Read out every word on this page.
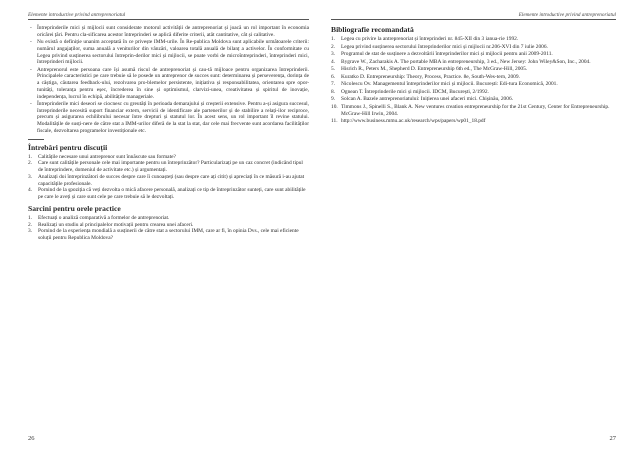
Elemente introductive privind antreprenoriatul
- Întreprinderile mici și mijlocii sunt considerate motorul activității de antreprenoriat și joacă un rol important în economia oricărei țări. Pentru cla-sificarea acestor întreprinderi se aplică diferite criterii, atât cantitative, cât și calitative.
- Nu există o definiție unanim acceptată în ce privește IMM-urile. În Re-publica Moldova sunt aplicabile următoarele criterii: numărul angajaților, suma anuală a veniturilor din vânzări, valoarea totală anuală de bilanț a activelor. În conformitate cu Legea privind susținerea sectorului întreprin-derilor mici și mijlocii, se poate vorbi de microîntreprinderi, întreprinderi mici, întreprinderi mijlocii.
- Antreprenorul este persoana care își asumă riscul de antreprenoriat și cau-tă mijloace pentru organizarea întreprinderii. Principalele caracteristici pe care trebuie să le posede un antreprenor de succes sunt: determinarea și perseverența, dorința de a câștiga, căutarea feedback-ului, rezolvarea pro-blemelor persistente, inițiativa și responsabilitatea, orientarea spre opor-tunități, toleranța pentru eșec, încrederea în sine și optimismul, clarvizi-unea, creativitatea și spiritul de inovație, independența, lucrul în echipă, abilitățile manageriale.
- Întreprinderile mici deseori se ciocnesc cu greutăți în perioada demarajului și creșterii extensive. Pentru a-și asigura succesul, întreprinderile necesită suport financiar extern, servicii de identificare ale partenerilor și de stabilire a relați-ilor reciproce, precum și asigurarea echilibrului necesar între drepturi și statutul lor. În acest sens, un rol important îl revine statului. Modalitățile de susți-nere de către stat a IMM-urilor diferă de la stat la stat, dar cele mai frecvente sunt acordarea facilităților fiscale, dezvoltarea programelor investiționale etc.
Întrebări pentru discuții
1. Calitățile necesare unui antreprenor sunt înnăscute sau formate?
2. Care sunt calitățile personale cele mai importante pentru un întreprinzător? Particularizați pe un caz concret (indicând tipul de întreprindere, domeniul de activitate etc.) și argumentați.
3. Analizați doi întreprinzători de succes despre care îi cunoașteți (sau despre care ați citit) și apreciați în ce măsură i-au ajutat capacitățile profesionale.
4. Pornind de la șpoziția că veți dezvolta o mică afacere personală, analizați ce tip de întreprinzător sunteți, care sunt abilitățile pe care le aveți și care sunt cele pe care trebuie să le dezvoltați.
Sarcini pentru orele practice
1. Efectuați o analiză comparativă a formelor de antreprenoriat.
2. Realizați un studiu al principalelor motivații pentru crearea unei afaceri.
3. Pornind de la experiența mondială a susținerii de către stat a sectorului IMM, care ar fi, în opinia Dvs., cele mai eficiente soluții pentru Republica Moldova?
26
Elemente introductive privind antreprenoriatul
Bibliografie recomandată
1. Legea cu privire la antreprenoriat și întreprinderi nr. 845-XII din 3 ianua-rie 1992.
2. Legea privind susținerea sectorului întreprinderilor mici și mijlocii nr.206-XVI din 7 iulie 2006.
3. Programul de stat de susținere a dezvoltării întreprinderilor mici și mijlocii pentru anii 2009-2011.
4. Bygrave W., Zacharakis A. The portable MBA in entrepreneurship, 3 ed., New Jersey: John Wiley&Son, Inc., 2004.
5. Hisrich R., Peters M., Shepherd D. Entrepreneurship 6th ed., The McGraw-Hill, 2005.
6. Kuratko D. Entrepreneurship: Theory, Process, Practice. 8e, South-Wes-tern, 2009.
7. Nicolescu Ov. Managementul întreprinderilor mici și mijlocii. București: Edi-tura Economică, 2001.
8. Ognean T. Întreprinderile mici și mijlocii. IDCM, București, 2/1992.
9. Solcan A. Bazele antreprenoriatului: Inițierea unei afaceri mici. Chișinău, 2006.
10. Timmons J., Spinelli S., Blank A. New ventures creation entrepreneurship for the 21st Century, Center for Entrepreneurship. McGraw-Hill Irwin, 2004.
11. http://www.business.mmu.ac.uk/research/wps/papers/wp01_18.pdf
27
